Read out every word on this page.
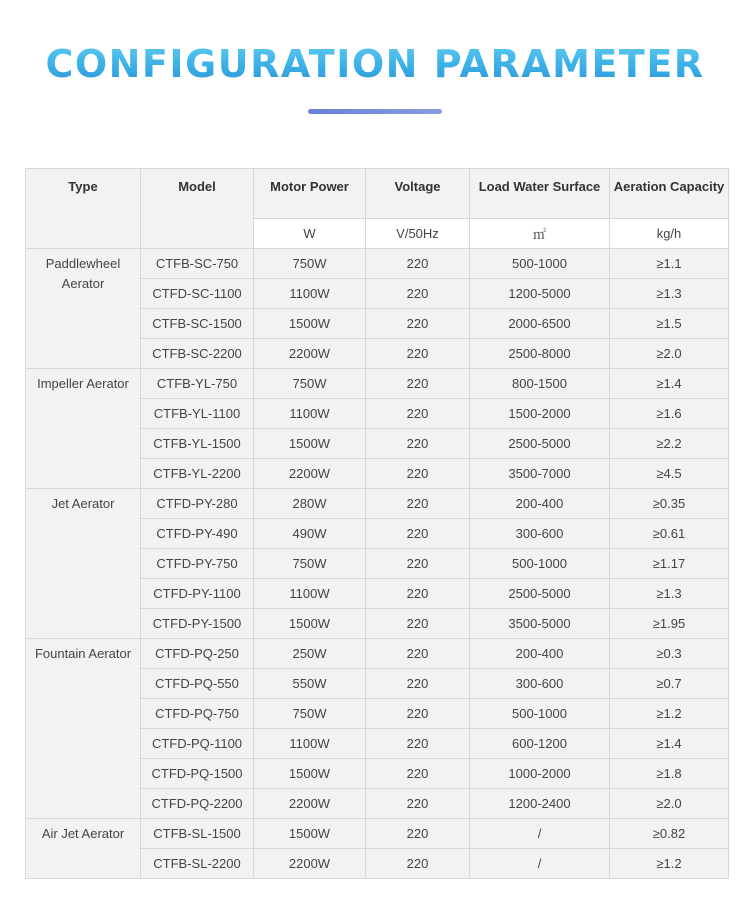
CONFIGURATION PARAMETER
Type	Model	Motor Power	Voltage	Load Water Surface	Aeration Capacity
		W	V/50Hz	㎡	kg/h
Paddlewheel Aerator	CTFB-SC-750	750W	220	500-1000	≥1.1
	CTFD-SC-1100	1100W	220	1200-5000	≥1.3
	CTFB-SC-1500	1500W	220	2000-6500	≥1.5
	CTFB-SC-2200	2200W	220	2500-8000	≥2.0
Impeller Aerator	CTFB-YL-750	750W	220	800-1500	≥1.4
	CTFB-YL-1100	1100W	220	1500-2000	≥1.6
	CTFB-YL-1500	1500W	220	2500-5000	≥2.2
	CTFB-YL-2200	2200W	220	3500-7000	≥4.5
Jet Aerator	CTFD-PY-280	280W	220	200-400	≥0.35
	CTFD-PY-490	490W	220	300-600	≥0.61
	CTFD-PY-750	750W	220	500-1000	≥1.17
	CTFD-PY-1100	1100W	220	2500-5000	≥1.3
	CTFD-PY-1500	1500W	220	3500-5000	≥1.95
Fountain Aerator	CTFD-PQ-250	250W	220	200-400	≥0.3
	CTFD-PQ-550	550W	220	300-600	≥0.7
	CTFD-PQ-750	750W	220	500-1000	≥1.2
	CTFD-PQ-1100	1100W	220	600-1200	≥1.4
	CTFD-PQ-1500	1500W	220	1000-2000	≥1.8
	CTFD-PQ-2200	2200W	220	1200-2400	≥2.0
Air Jet Aerator	CTFB-SL-1500	1500W	220	/	≥0.82
	CTFB-SL-2200	2200W	220	/	≥1.2
